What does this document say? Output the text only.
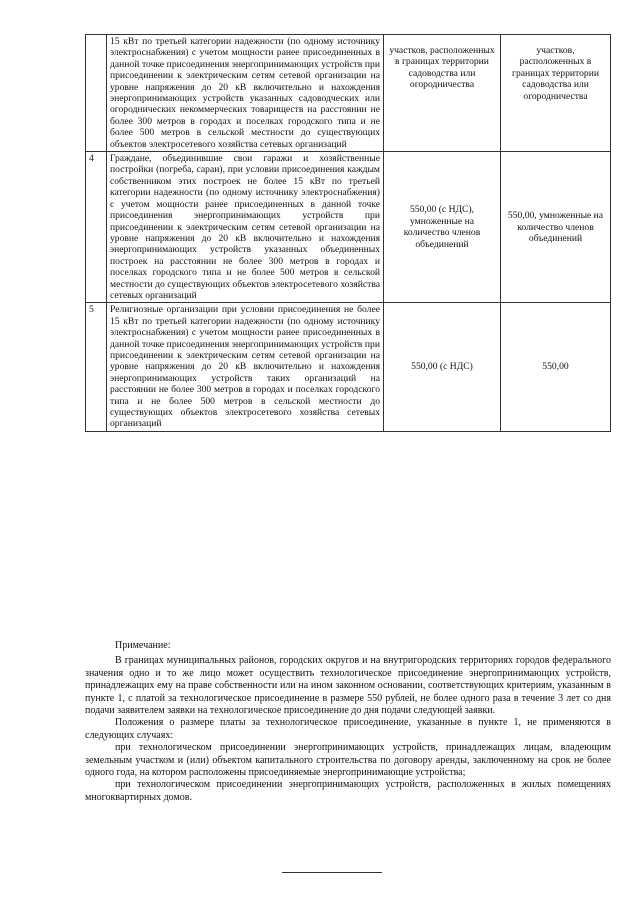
	15 кВт по третьей категории надежности (по одному источнику электроснабжения) с учетом мощности ранее присоединенных в данной точке присоединения энергопринимающих устройств при присоединении к электрическим сетям сетевой организации на уровне напряжения до 20 кВ включительно и нахождения энергопринимающих устройств указанных садоводческих или огороднических некоммерческих товариществ на расстоянии не более 300 метров в городах и поселках городского типа и не более 500 метров в сельской местности до существующих объектов электросетевого хозяйства сетевых организаций	участков, расположенных в границах территории садоводства или огородничества	участков, расположенных в границах территории садоводства или огородничества
4	Граждане, объединившие свои гаражи и хозяйственные постройки (погреба, сараи), при условии присоединения каждым собственником этих построек не более 15 кВт по третьей категории надежности (по одному источнику электроснабжения) с учетом мощности ранее присоединенных в данной точке присоединения энергопринимающих устройств при присоединении к электрическим сетям сетевой организации на уровне напряжения до 20 кВ включительно и нахождения энергопринимающих устройств указанных объединенных построек на расстоянии не более 300 метров в городах и поселках городского типа и не более 500 метров в сельской местности до существующих объектов электросетевого хозяйства сетевых организаций	550,00 (с НДС), умноженные на количество членов объединений	550,00, умноженные на количество членов объединений
5	Религиозные организации при условии присоединения не более 15 кВт по третьей категории надежности (по одному источнику электроснабжения) с учетом мощности ранее присоединенных в данной точке присоединения энергопринимающих устройств при присоединении к электрическим сетям сетевой организации на уровне напряжения до 20 кВ включительно и нахождения энергопринимающих устройств таких организаций на расстоянии не более 300 метров в городах и поселках городского типа и не более 500 метров в сельской местности до существующих объектов электросетевого хозяйства сетевых организаций	550,00 (с НДС)	550,00

Примечание:

В границах муниципальных районов, городских округов и на внутригородских территориях городов федерального значения одно и то же лицо может осуществить технологическое присоединение энергопринимающих устройств, принадлежащих ему на праве собственности или на ином законном основании, соответствующих критериям, указанным в пункте 1, с платой за технологическое присоединение в размере 550 рублей, не более одного раза в течение 3 лет со дня подачи заявителем заявки на технологическое присоединение до дня подачи следующей заявки.

Положения о размере платы за технологическое присоединение, указанные в пункте 1, не применяются в следующих случаях:

при технологическом присоединении энергопринимающих устройств, принадлежащих лицам, владеющим земельным участком и (или) объектом капитального строительства по договору аренды, заключенному на срок не более одного года, на котором расположены присоединяемые энергопринимающие устройства;

при технологическом присоединении энергопринимающих устройств, расположенных в жилых помещениях многоквартирных домов.
